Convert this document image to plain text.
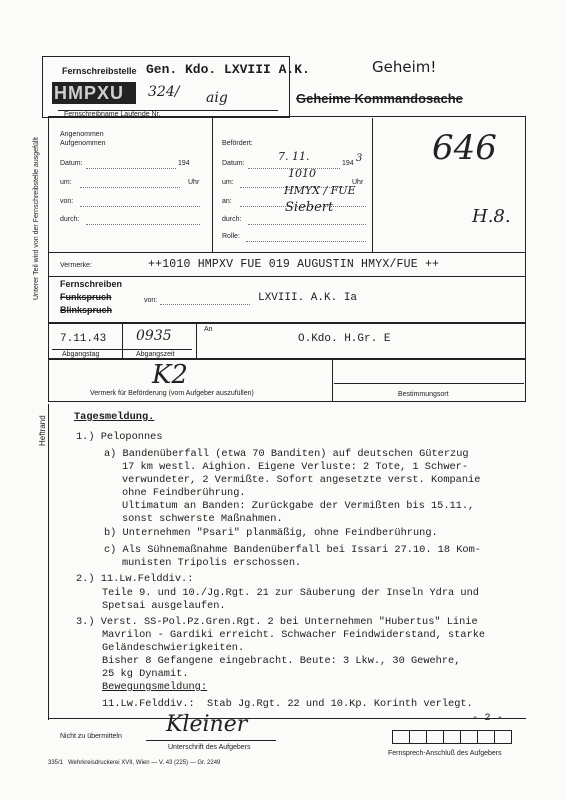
Fernschreibstelle Gen. Kdo. LXVIII A.K.
HMPXU	324/ aig
Fernschreibname Laufende Nr.
Geheim!
Geheime Kommandosache
Angenommen
Aufgenommen
Datum:	194
um:	Uhr
von:
durch:
Befördert:
Datum:
7. 11.
194 3
um:
1010
Uhr
an:
HMYX / FUE
durch:
Siebert
Rolle:
646
H.8.
Vermerke:	++1010 HMPXV FUE 019 AUGUSTIN HMYX/FUE ++
Fernschreiben
Funkspruch
Blinkspruch
von:	LXVIII. A.K. Ia
7.11.43 0935
Abgangstag	Abgangszeit
An
O.Kdo. H.Gr. E
K2
Vermerk für Beförderung (vom Aufgeber auszufüllen)	Bestimmungsort
Unterer Teil wird von der Fernschreibstelle ausgefüllt
Heftrand	Tagesmeldung.
1.) Peloponnes
a) Bandenüberfall (etwa 70 Banditen) auf deutschen Güterzug
17 km westl. Aighion. Eigene Verluste: 2 Tote, 1 Schwer-
verwundeter, 2 Vermißte. Sofort angesetzte verst. Kompanie
ohne Feindberührung.
Ultimatum an Banden: Zurückgabe der Vermißten bis 15.11.,
sonst schwerste Maßnahmen.
b) Unternehmen "Psari" planmäßig, ohne Feindberührung.
c) Als Sühnemaßnahme Bandenüberfall bei Issari 27.10. 18 Kom-
munisten Tripolis erschossen.
2.) 11.Lw.Felddiv.:
Teile 9. und 10./Jg.Rgt. 21 zur Säuberung der Inseln Ydra und
Spetsai ausgelaufen.
3.) Verst. SS-Pol.Pz.Gren.Rgt. 2 bei Unternehmen "Hubertus" Linie
Mavrilon - Gardiki erreicht. Schwacher Feindwiderstand, starke
Geländeschwierigkeiten.
Bisher 8 Gefangene eingebracht. Beute: 3 Lkw., 30 Gewehre,
25 kg Dynamit.
Bewegungsmeldung:
11.Lw.Felddiv.:  Stab Jg.Rgt. 22 und 10.Kp. Korinth verlegt.
- 2 -
Nicht zu übermitteln Kleiner
Unterschrift des Aufgebers
Fernsprech-Anschluß des Aufgebers
335/1 Wehrkreisdruckerei XVII, Wien — V. 43 (225) — Gr. 2249
